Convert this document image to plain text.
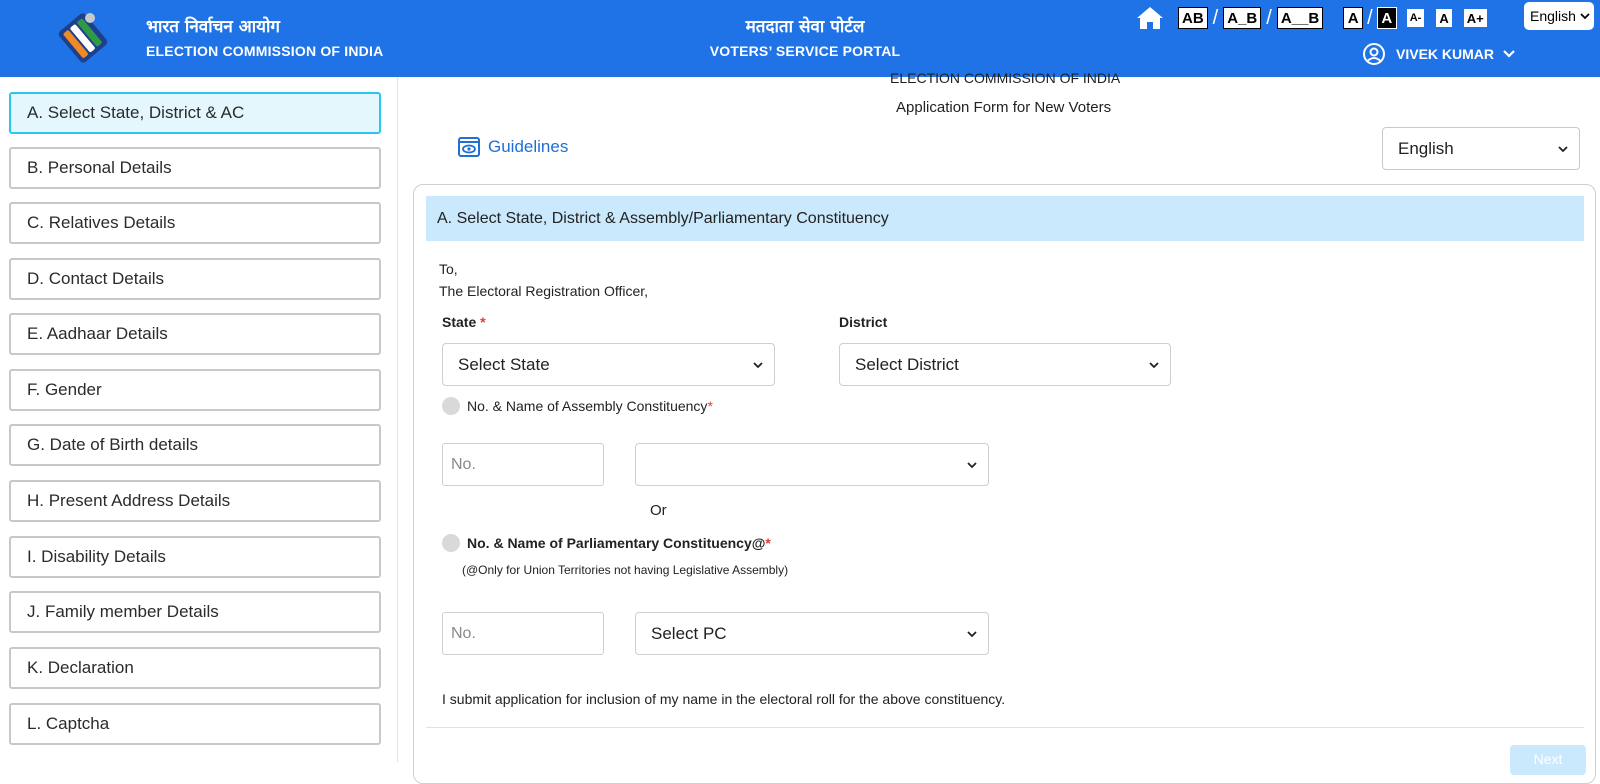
भारत निर्वाचन आयोग
ELECTION COMMISSION OF INDIA
मतदाता सेवा पोर्टल
VOTERS’ SERVICE PORTAL
AB / A_B / A__B	A / A	A- A A+	English
VIVEK KUMAR
A. Select State, District & AC
B. Personal Details
C. Relatives Details
D. Contact Details
E. Aadhaar Details
F. Gender
G. Date of Birth details
H. Present Address Details
I. Disability Details
J. Family member Details
K. Declaration
L. Captcha
ELECTION COMMISSION OF INDIA
Application Form for New Voters
Guidelines	English
A. Select State, District & Assembly/Parliamentary Constituency
To,
The Electoral Registration Officer,
State *
Select State
District
Select District
No. & Name of Assembly Constituency*
No.
Or
No. & Name of Parliamentary Constituency@*
(@Only for Union Territories not having Legislative Assembly)
No.	Select PC
I submit application for inclusion of my name in the electoral roll for the above constituency.
Next
